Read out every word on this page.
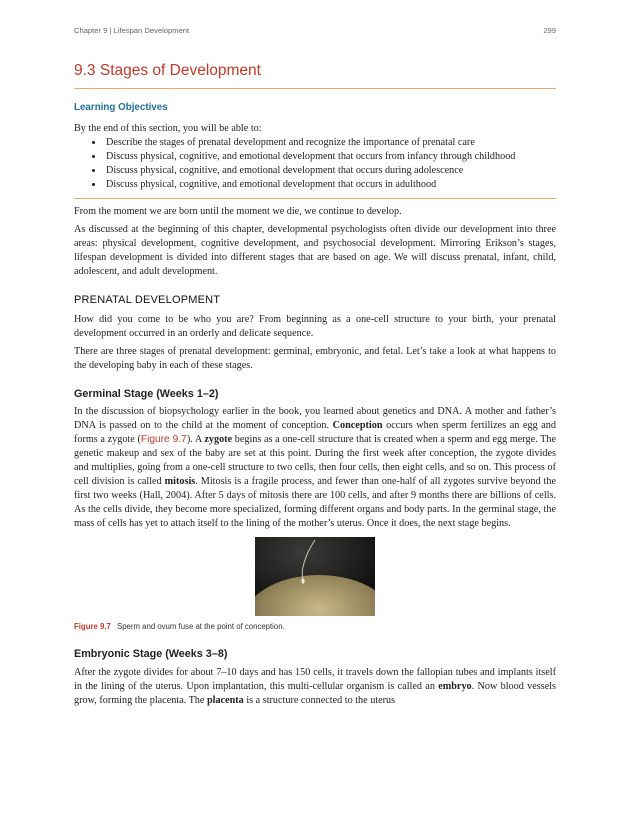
Chapter 9 | Lifespan Development	299
9.3 Stages of Development
Learning Objectives

By the end of this section, you will be able to:

• Describe the stages of prenatal development and recognize the importance of prenatal care
• Discuss physical, cognitive, and emotional development that occurs from infancy through childhood
• Discuss physical, cognitive, and emotional development that occurs during adolescence
• Discuss physical, cognitive, and emotional development that occurs in adulthood

From the moment we are born until the moment we die, we continue to develop.

As discussed at the beginning of this chapter, developmental psychologists often divide our development into three areas: physical development, cognitive development, and psychosocial development. Mirroring Erikson’s stages, lifespan development is divided into different stages that are based on age. We will discuss prenatal, infant, child, adolescent, and adult development.

PRENATAL DEVELOPMENT

How did you come to be who you are? From beginning as a one-cell structure to your birth, your prenatal development occurred in an orderly and delicate sequence.

There are three stages of prenatal development: germinal, embryonic, and fetal. Let’s take a look at what happens to the developing baby in each of these stages.

Germinal Stage (Weeks 1–2)

In the discussion of biopsychology earlier in the book, you learned about genetics and DNA. A mother and father’s DNA is passed on to the child at the moment of conception. Conception occurs when sperm fertilizes an egg and forms a zygote (Figure 9.7). A zygote begins as a one-cell structure that is created when a sperm and egg merge. The genetic makeup and sex of the baby are set at this point. During the first week after conception, the zygote divides and multiplies, going from a one-cell structure to two cells, then four cells, then eight cells, and so on. This process of cell division is called mitosis. Mitosis is a fragile process, and fewer than one-half of all zygotes survive beyond the first two weeks (Hall, 2004). After 5 days of mitosis there are 100 cells, and after 9 months there are billions of cells. As the cells divide, they become more specialized, forming different organs and body parts. In the germinal stage, the mass of cells has yet to attach itself to the lining of the mother’s uterus. Once it does, the next stage begins.

Figure 9.7 Sperm and ovum fuse at the point of conception.
Embryonic Stage (Weeks 3–8)

After the zygote divides for about 7–10 days and has 150 cells, it travels down the fallopian tubes and implants itself in the lining of the uterus. Upon implantation, this multi-cellular organism is called an embryo. Now blood vessels grow, forming the placenta. The placenta is a structure connected to the uterus
